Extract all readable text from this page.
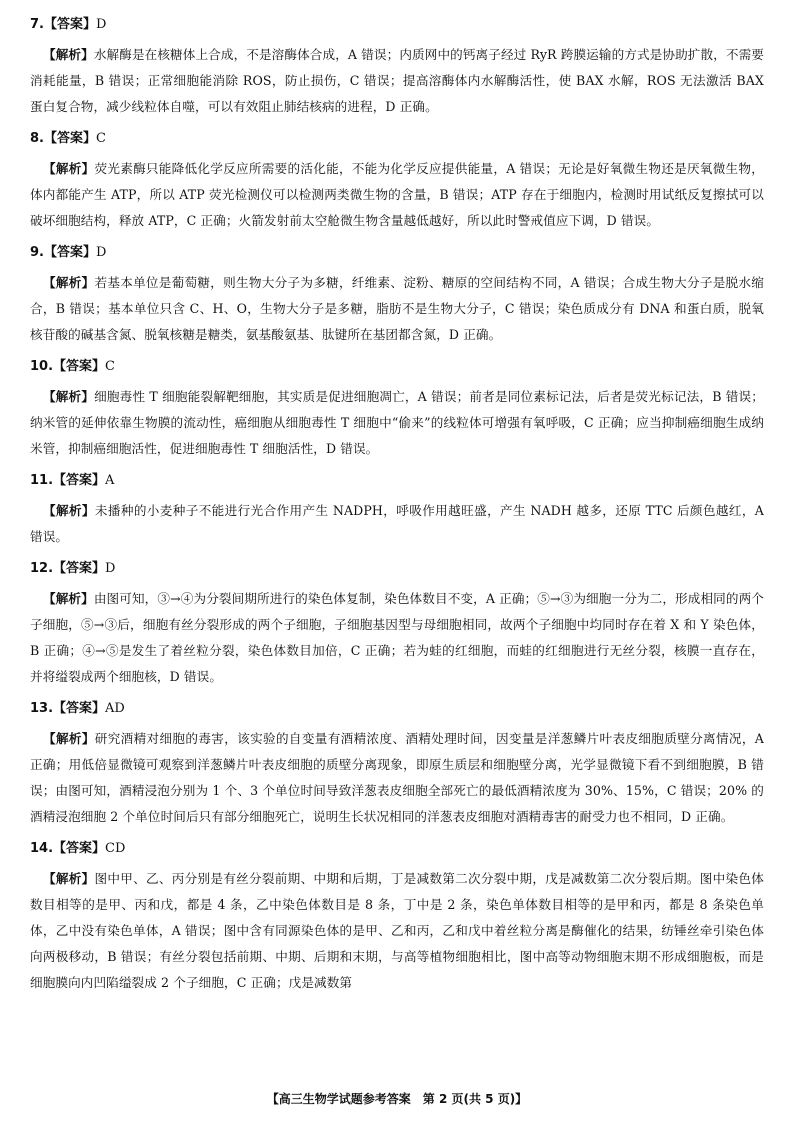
7.【答案】D

【解析】水解酶是在核糖体上合成，不是溶酶体合成，A 错误；内质网中的钙离子经过 RyR 跨膜运输的方式是协助扩散，不需要消耗能量，B 错误；正常细胞能消除 ROS，防止损伤，C 错误；提高溶酶体内水解酶活性，使 BAX 水解，ROS 无法激活 BAX 蛋白复合物，减少线粒体自噬，可以有效阻止肺结核病的进程，D 正确。

8.【答案】C

【解析】荧光素酶只能降低化学反应所需要的活化能，不能为化学反应提供能量，A 错误；无论是好氧微生物还是厌氧微生物，体内都能产生 ATP，所以 ATP 荧光检测仪可以检测两类微生物的含量，B 错误；ATP 存在于细胞内，检测时用试纸反复擦拭可以破坏细胞结构，释放 ATP，C 正确；火箭发射前太空舱微生物含量越低越好，所以此时警戒值应下调，D 错误。

9.【答案】D

【解析】若基本单位是葡萄糖，则生物大分子为多糖，纤维素、淀粉、糖原的空间结构不同，A 错误；合成生物大分子是脱水缩合，B 错误；基本单位只含 C、H、O，生物大分子是多糖，脂肪不是生物大分子，C 错误；染色质成分有 DNA 和蛋白质，脱氧核苷酸的碱基含氮、脱氧核糖是糖类，氨基酸氨基、肽键所在基团都含氮，D 正确。

10.【答案】C

【解析】细胞毒性 T 细胞能裂解靶细胞，其实质是促进细胞凋亡，A 错误；前者是同位素标记法，后者是荧光标记法，B 错误；纳米管的延伸依靠生物膜的流动性，癌细胞从细胞毒性 T 细胞中“偷来”的线粒体可增强有氧呼吸，C 正确；应当抑制癌细胞生成纳米管，抑制癌细胞活性，促进细胞毒性 T 细胞活性，D 错误。

11.【答案】A

【解析】未播种的小麦种子不能进行光合作用产生 NADPH，呼吸作用越旺盛，产生 NADH 越多，还原 TTC 后颜色越红，A 错误。

12.【答案】D

【解析】由图可知，③→④为分裂间期所进行的染色体复制，染色体数目不变，A 正确；⑤→③为细胞一分为二，形成相同的两个子细胞，⑤→③后，细胞有丝分裂形成的两个子细胞，子细胞基因型与母细胞相同，故两个子细胞中均同时存在着 X 和 Y 染色体，B 正确；④→⑤是发生了着丝粒分裂，染色体数目加倍，C 正确；若为蛙的红细胞，而蛙的红细胞进行无丝分裂，核膜一直存在，并将缢裂成两个细胞核，D 错误。

13.【答案】AD

【解析】研究酒精对细胞的毒害，该实验的自变量有酒精浓度、酒精处理时间，因变量是洋葱鳞片叶表皮细胞质壁分离情况，A 正确；用低倍显微镜可观察到洋葱鳞片叶表皮细胞的质壁分离现象，即原生质层和细胞壁分离，光学显微镜下看不到细胞膜，B 错误；由图可知，酒精浸泡分别为 1 个、3 个单位时间导致洋葱表皮细胞全部死亡的最低酒精浓度为 30%、15%，C 错误；20% 的酒精浸泡细胞 2 个单位时间后只有部分细胞死亡，说明生长状况相同的洋葱表皮细胞对酒精毒害的耐受力也不相同，D 正确。

14.【答案】CD

【解析】图中甲、乙、丙分别是有丝分裂前期、中期和后期，丁是减数第二次分裂中期，戊是减数第二次分裂后期。图中染色体数目相等的是甲、丙和戊，都是 4 条，乙中染色体数目是 8 条，丁中是 2 条，染色单体数目相等的是甲和丙，都是 8 条染色单体，乙中没有染色单体，A 错误；图中含有同源染色体的是甲、乙和丙，乙和戊中着丝粒分离是酶催化的结果，纺锤丝牵引染色体向两极移动，B 错误；有丝分裂包括前期、中期、后期和末期，与高等植物细胞相比，图中高等动物细胞末期不形成细胞板，而是细胞膜向内凹陷缢裂成 2 个子细胞，C 正确；戊是减数第

【高三生物学试题参考答案　第 2 页(共 5 页)】
